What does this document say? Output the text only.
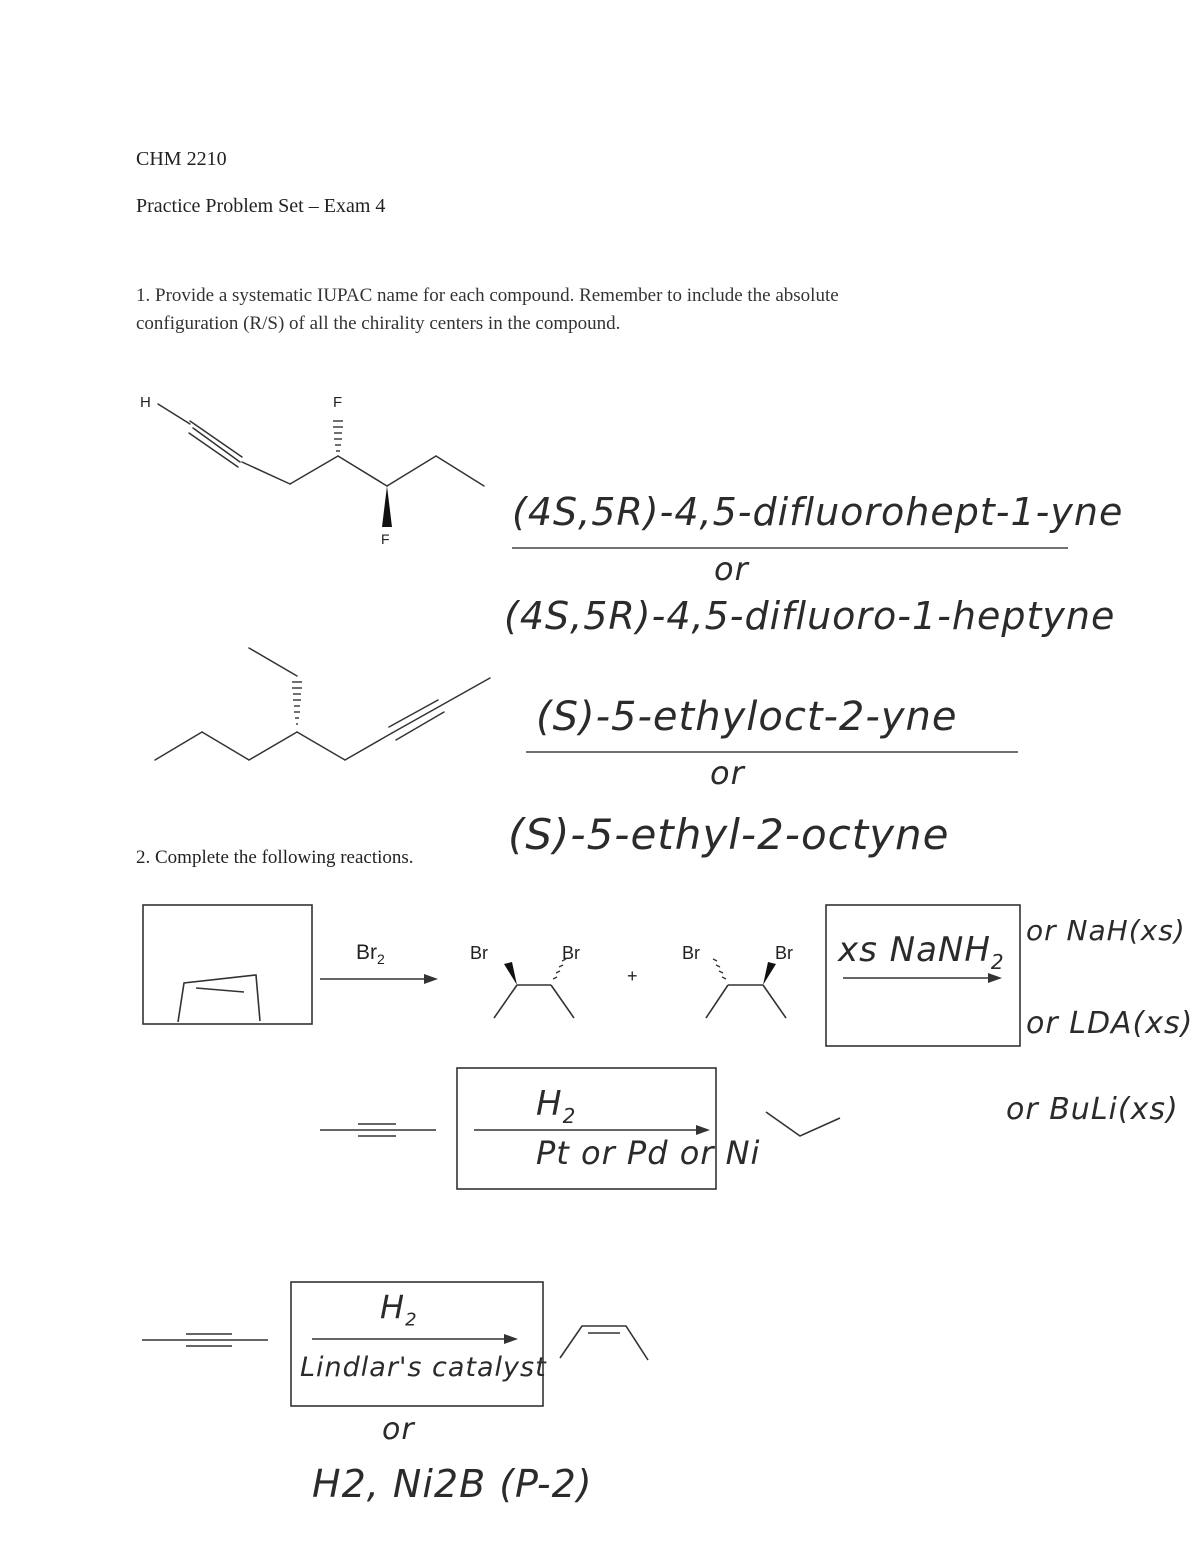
CHM 2210
Practice Problem Set – Exam 4
1. Provide a systematic IUPAC name for each compound. Remember to include the absolute
configuration (R/S) of all the chirality centers in the compound.
H	F
F
(4S,5R)-4,5-difluorohept-1-yne
or
(4S,5R)-4,5-difluoro-1-heptyne
(S)-5-ethyloct-2-yne
or
2. Complete the following reactions. (S)-5-ethyl-2-octyne
$Br_2$	Br	Br
+
Br	Br xs NaNH$_2$
or NaH(xs)
or LDA(xs)
or BuLi(xs)
$H_2$
Pt or Pd or Ni
$H_2$
Lindlar's catalyst
or
H2, Ni2B (P-2)
